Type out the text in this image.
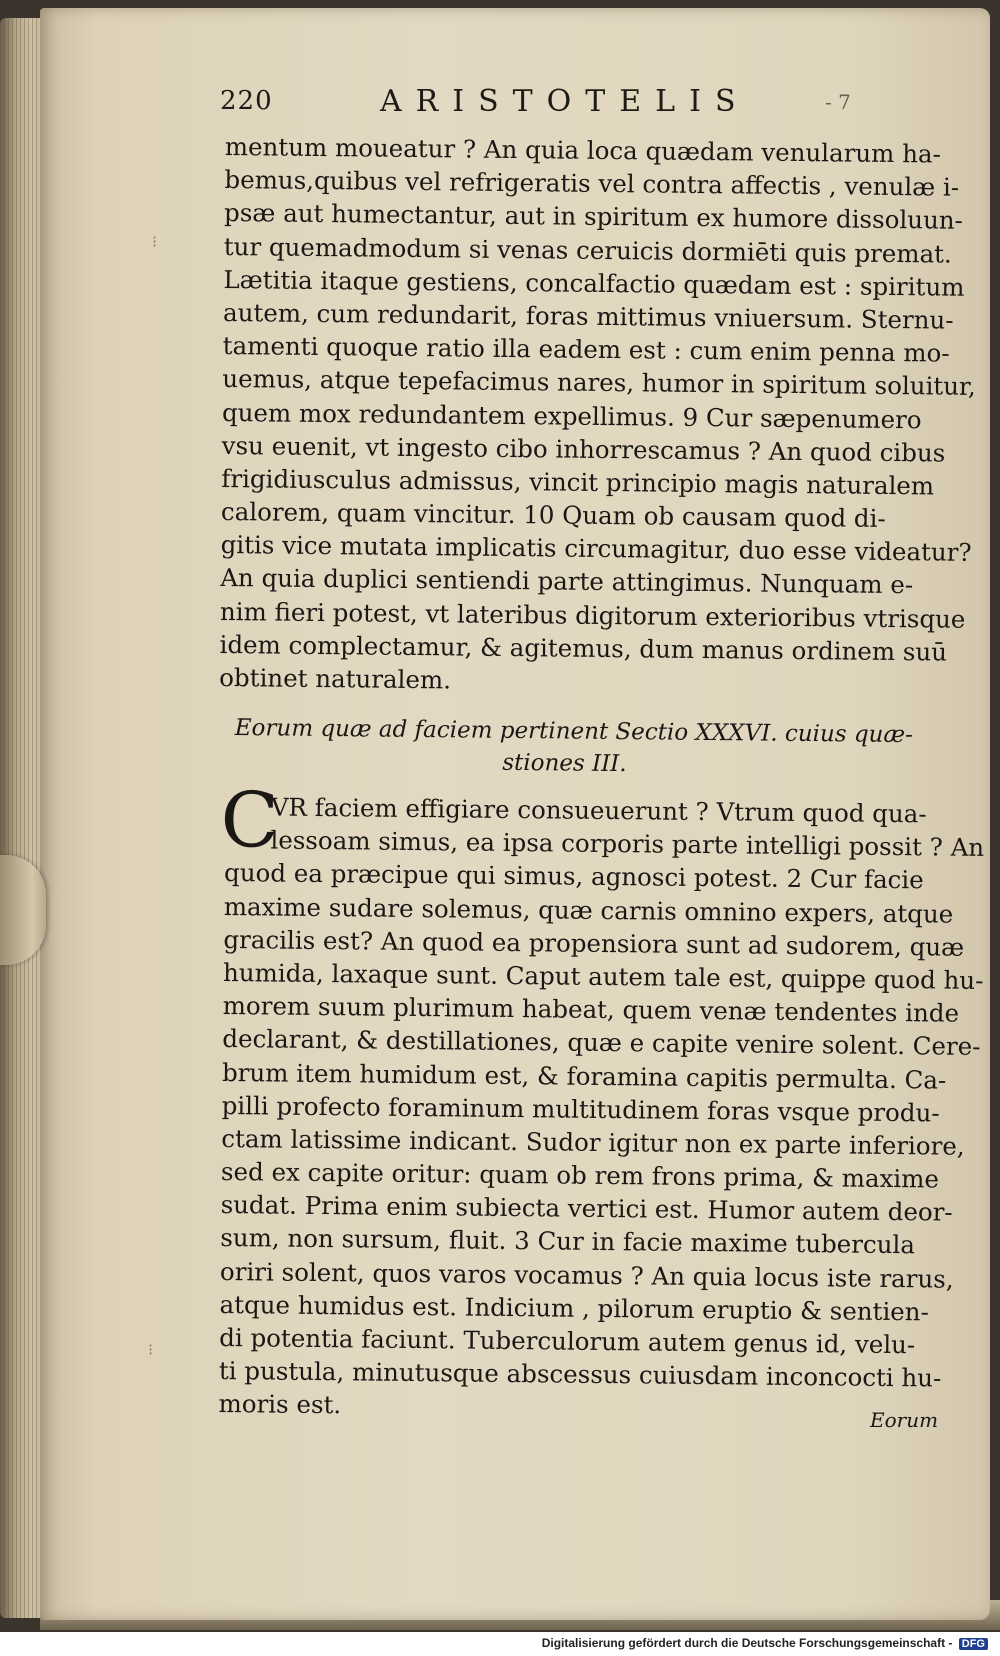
220	ARISTOTELIS	- 7
⁝
⁝
mentum moueatur ? An quia loca quædam venularum ha-
bemus,quibus vel refrigeratis vel contra affectis , venulæ i-
psæ aut humectantur, aut in spiritum ex humore dissoluun-
tur quemadmodum si venas ceruicis dormiēti quis premat.
Lætitia itaque gestiens, concalfactio quædam est : spiritum
autem, cum redundarit, foras mittimus vniuersum. Sternu-
tamenti quoque ratio illa eadem est : cum enim penna mo-
uemus, atque tepefacimus nares, humor in spiritum soluitur,
quem mox redundantem expellimus. 9 Cur sæpenumero
vsu euenit, vt ingesto cibo inhorrescamus ? An quod cibus
frigidiusculus admissus, vincit principio magis naturalem
calorem, quam vincitur. 10 Quam ob causam quod di-
gitis vice mutata implicatis circumagitur, duo esse videatur?
An quia duplici sentiendi parte attingimus. Nunquam e-
nim fieri potest, vt lateribus digitorum exterioribus vtrisque
idem complectamur, & agitemus, dum manus ordinem suū
obtinet naturalem.
Eorum quæ ad faciem pertinent Sectio XXXVI. cuius quæ-
stiones III.
C
VR faciem effigiare consueuerunt ? Vtrum quod qua-
lessoam simus, ea ipsa corporis parte intelligi possit ? An
quod ea præcipue qui simus, agnosci potest. 2 Cur facie
maxime sudare solemus, quæ carnis omnino expers, atque
gracilis est? An quod ea propensiora sunt ad sudorem, quæ
humida, laxaque sunt. Caput autem tale est, quippe quod hu-
morem suum plurimum habeat, quem venæ tendentes inde
declarant, & destillationes, quæ e capite venire solent. Cere-
brum item humidum est, & foramina capitis permulta. Ca-
pilli profecto foraminum multitudinem foras vsque produ-
ctam latissime indicant. Sudor igitur non ex parte inferiore,
sed ex capite oritur: quam ob rem frons prima, & maxime
sudat. Prima enim subiecta vertici est. Humor autem deor-
sum, non sursum, fluit. 3 Cur in facie maxime tubercula
oriri solent, quos varos vocamus ? An quia locus iste rarus,
atque humidus est. Indicium , pilorum eruptio & sentien-
di potentia faciunt. Tuberculorum autem genus id, velu-
ti pustula, minutusque abscessus cuiusdam inconcocti hu-
moris est.
Eorum
Digitalisierung gefördert durch die Deutsche Forschungsgemeinschaft - DFG
